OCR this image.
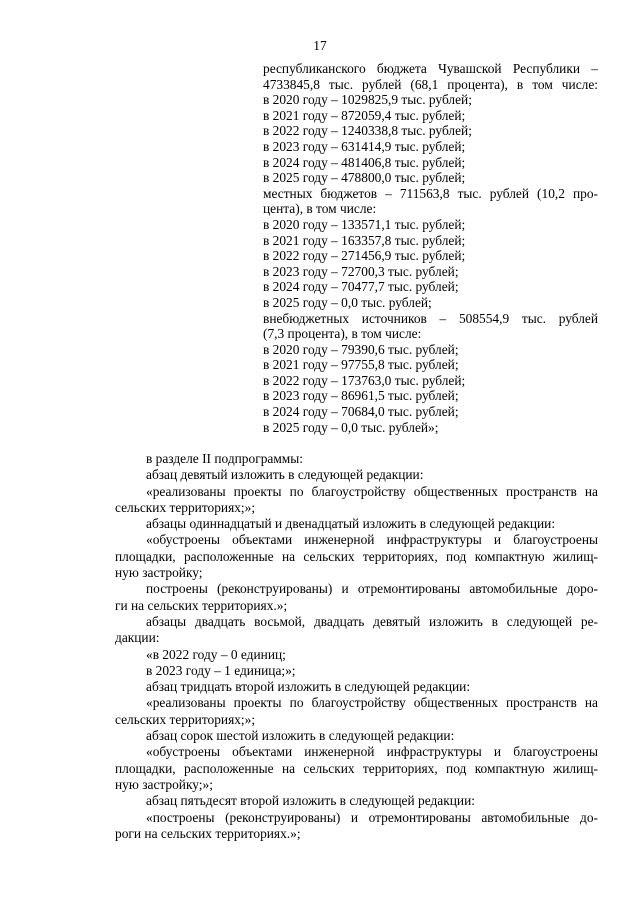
17
республиканского бюджета Чувашской Республики –
4733845,8 тыс. рублей (68,1 процента), в том числе:
в 2020 году – 1029825,9 тыс. рублей;
в 2021 году – 872059,4 тыс. рублей;
в 2022 году – 1240338,8 тыс. рублей;
в 2023 году – 631414,9 тыс. рублей;
в 2024 году – 481406,8 тыс. рублей;
в 2025 году – 478800,0 тыс. рублей;
местных бюджетов – 711563,8 тыс. рублей (10,2 про-
цента), в том числе:
в 2020 году – 133571,1 тыс. рублей;
в 2021 году – 163357,8 тыс. рублей;
в 2022 году – 271456,9 тыс. рублей;
в 2023 году – 72700,3 тыс. рублей;
в 2024 году – 70477,7 тыс. рублей;
в 2025 году – 0,0 тыс. рублей;
внебюджетных источников – 508554,9 тыс. рублей
(7,3 процента), в том числе:
в 2020 году – 79390,6 тыс. рублей;
в 2021 году – 97755,8 тыс. рублей;
в 2022 году – 173763,0 тыс. рублей;
в 2023 году – 86961,5 тыс. рублей;
в 2024 году – 70684,0 тыс. рублей;
в 2025 году – 0,0 тыс. рублей»;
в разделе II подпрограммы:
абзац девятый изложить в следующей редакции:
«реализованы проекты по благоустройству общественных пространств на
сельских территориях;»;
абзацы одиннадцатый и двенадцатый изложить в следующей редакции:
«обустроены объектами инженерной инфраструктуры и благоустроены
площадки, расположенные на сельских территориях, под компактную жилищ-
ную застройку;
построены (реконструированы) и отремонтированы автомобильные доро-
ги на сельских территориях.»;
абзацы двадцать восьмой, двадцать девятый изложить в следующей ре-
дакции:
«в 2022 году – 0 единиц;
в 2023 году – 1 единица;»;
абзац тридцать второй изложить в следующей редакции:
«реализованы проекты по благоустройству общественных пространств на
сельских территориях;»;
абзац сорок шестой изложить в следующей редакции:
«обустроены объектами инженерной инфраструктуры и благоустроены
площадки, расположенные на сельских территориях, под компактную жилищ-
ную застройку;»;
абзац пятьдесят второй изложить в следующей редакции:
«построены (реконструированы) и отремонтированы автомобильные до-
роги на сельских территориях.»;
